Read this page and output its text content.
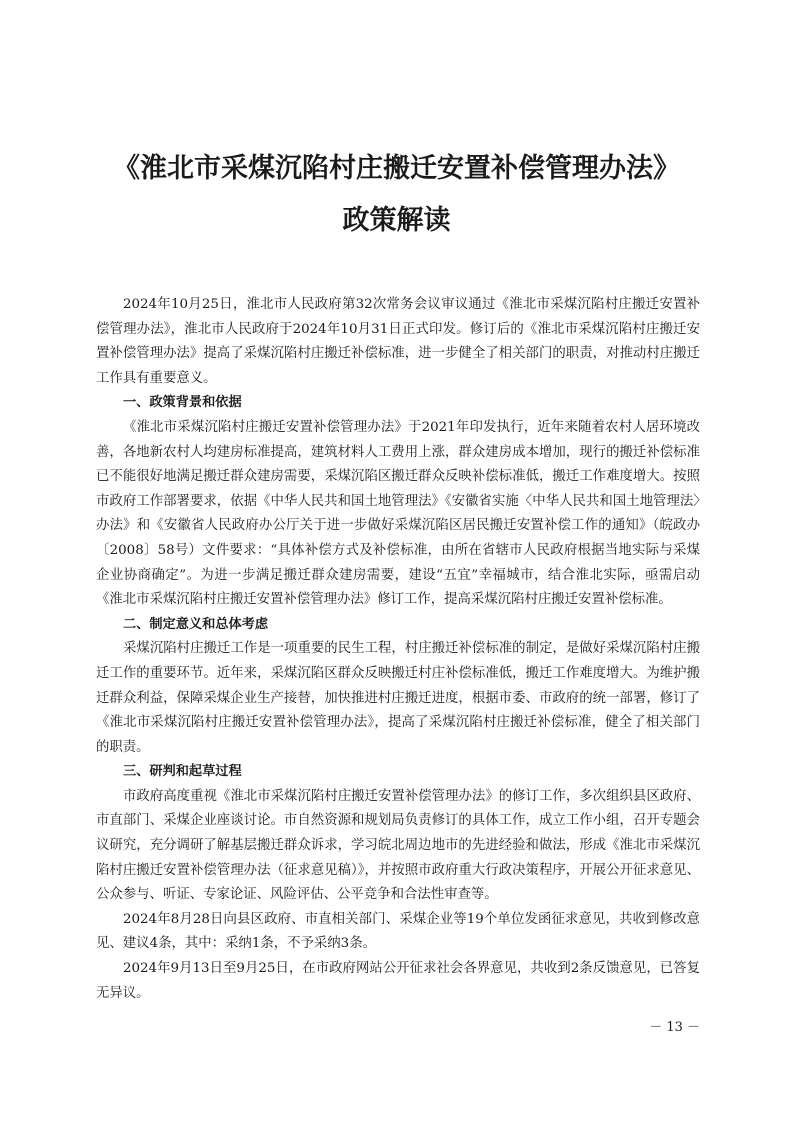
《淮北市采煤沉陷村庄搬迁安置补偿管理办法》
政策解读

2024年10月25日，淮北市人民政府第32次常务会议审议通过《淮北市采煤沉陷村庄搬迁安置补偿管理办法》，淮北市人民政府于2024年10月31日正式印发。修订后的《淮北市采煤沉陷村庄搬迁安置补偿管理办法》提高了采煤沉陷村庄搬迁补偿标准，进一步健全了相关部门的职责，对推动村庄搬迁工作具有重要意义。

一、政策背景和依据

《淮北市采煤沉陷村庄搬迁安置补偿管理办法》于2021年印发执行，近年来随着农村人居环境改善，各地新农村人均建房标准提高，建筑材料人工费用上涨，群众建房成本增加，现行的搬迁补偿标准已不能很好地满足搬迁群众建房需要，采煤沉陷区搬迁群众反映补偿标准低，搬迁工作难度增大。按照市政府工作部署要求，依据《中华人民共和国土地管理法》《安徽省实施〈中华人民共和国土地管理法〉办法》和《安徽省人民政府办公厅关于进一步做好采煤沉陷区居民搬迁安置补偿工作的通知》（皖政办〔2008〕58号）文件要求：“具体补偿方式及补偿标准，由所在省辖市人民政府根据当地实际与采煤企业协商确定”。为进一步满足搬迁群众建房需要，建设“五宜”幸福城市，结合淮北实际，亟需启动《淮北市采煤沉陷村庄搬迁安置补偿管理办法》修订工作，提高采煤沉陷村庄搬迁安置补偿标准。

二、制定意义和总体考虑

采煤沉陷村庄搬迁工作是一项重要的民生工程，村庄搬迁补偿标准的制定，是做好采煤沉陷村庄搬迁工作的重要环节。近年来，采煤沉陷区群众反映搬迁村庄补偿标准低，搬迁工作难度增大。为维护搬迁群众利益，保障采煤企业生产接替，加快推进村庄搬迁进度，根据市委、市政府的统一部署，修订了《淮北市采煤沉陷村庄搬迁安置补偿管理办法》，提高了采煤沉陷村庄搬迁补偿标准，健全了相关部门的职责。

三、研判和起草过程

市政府高度重视《淮北市采煤沉陷村庄搬迁安置补偿管理办法》的修订工作，多次组织县区政府、市直部门、采煤企业座谈讨论。市自然资源和规划局负责修订的具体工作，成立工作小组，召开专题会议研究，充分调研了解基层搬迁群众诉求，学习皖北周边地市的先进经验和做法，形成《淮北市采煤沉陷村庄搬迁安置补偿管理办法（征求意见稿）》，并按照市政府重大行政决策程序，开展公开征求意见、公众参与、听证、专家论证、风险评估、公平竞争和合法性审查等。

2024年8月28日向县区政府、市直相关部门、采煤企业等19个单位发函征求意见，共收到修改意见、建议4条，其中：采纳1条，不予采纳3条。

2024年9月13日至9月25日，在市政府网站公开征求社会各界意见，共收到2条反馈意见，已答复无异议。

－ 13 －
